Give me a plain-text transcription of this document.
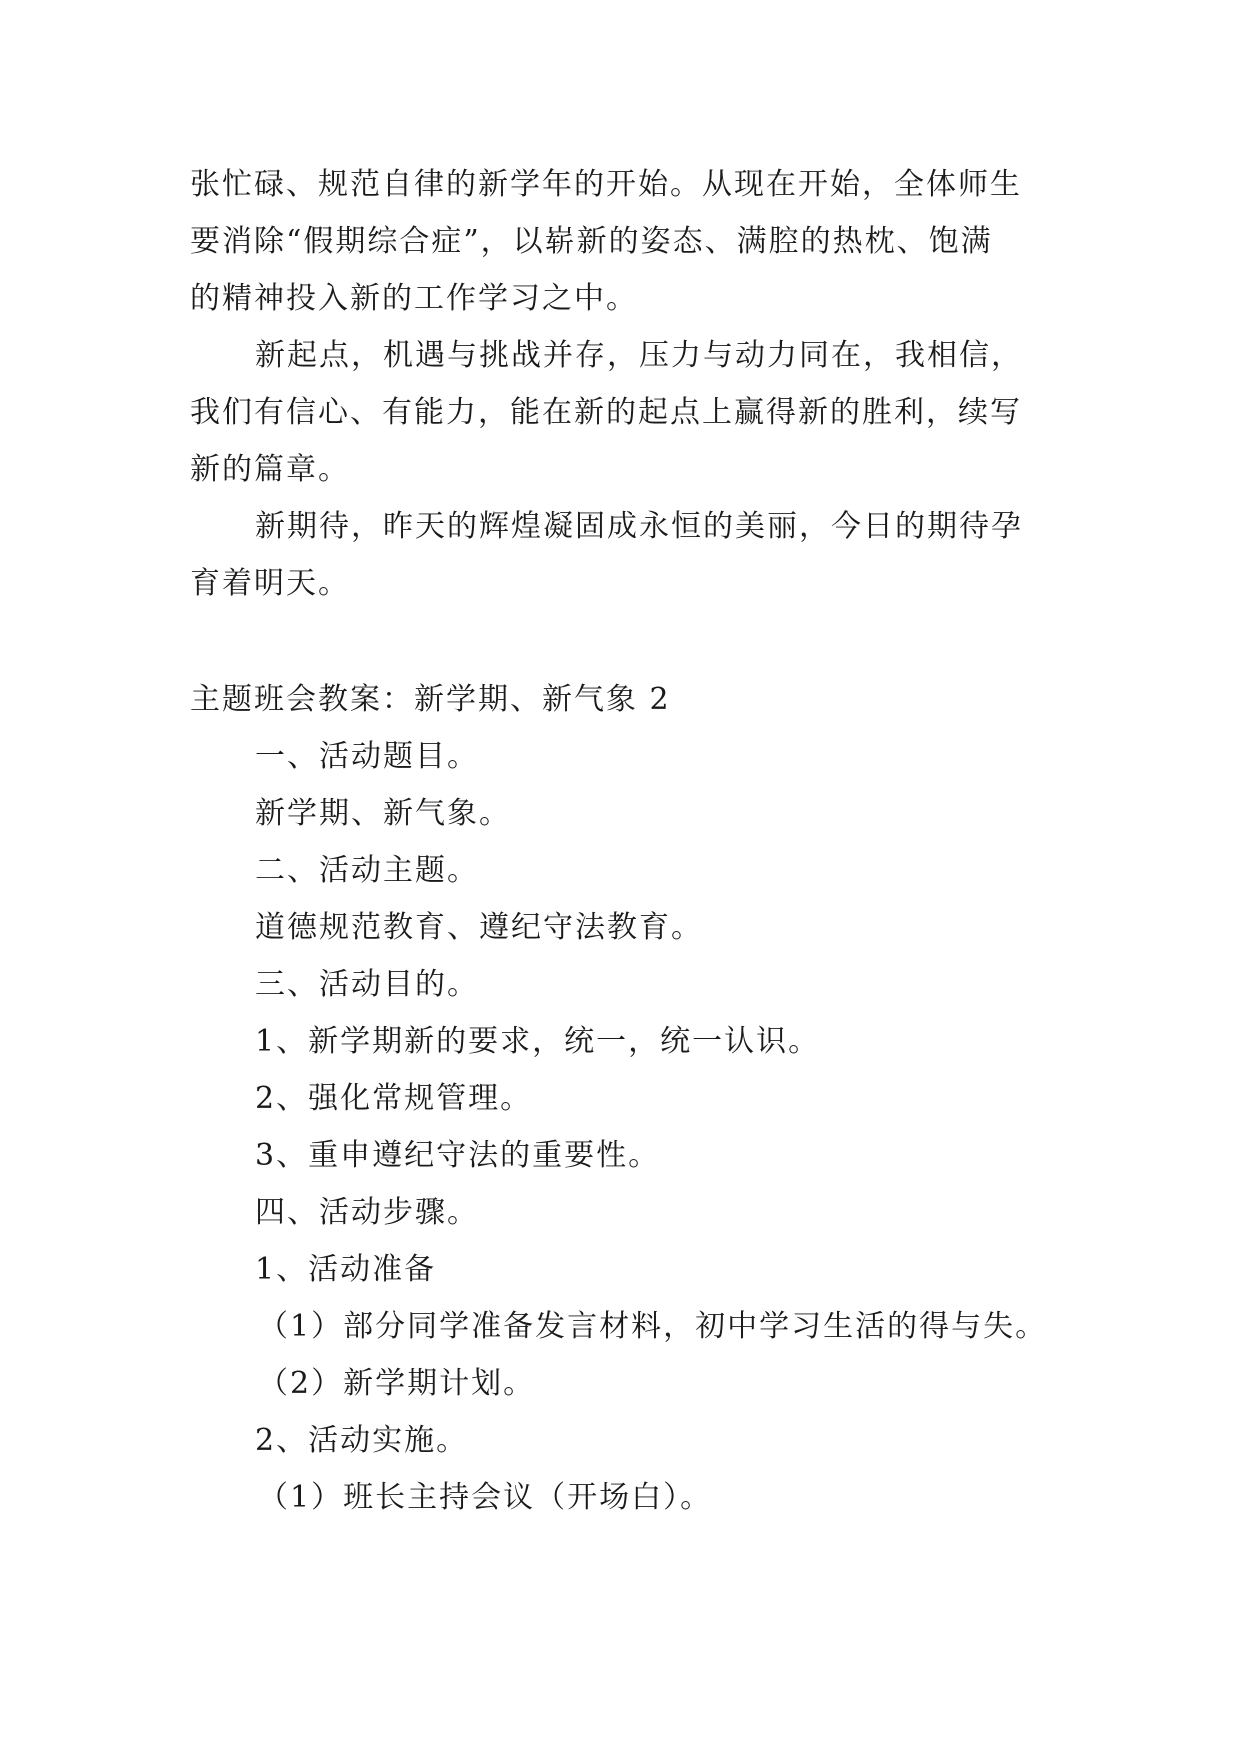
张忙碌、规范自律的新学年的开始。从现在开始，全体师生
要消除“假期综合症”，以崭新的姿态、满腔的热枕、饱满
的精神投入新的工作学习之中。
新起点，机遇与挑战并存，压力与动力同在，我相信，
我们有信心、有能力，能在新的起点上赢得新的胜利，续写
新的篇章。
新期待，昨天的辉煌凝固成永恒的美丽，今日的期待孕
育着明天。
主题班会教案：新学期、新气象 2
一、活动题目。
新学期、新气象。
二、活动主题。
道德规范教育、遵纪守法教育。
三、活动目的。
1、新学期新的要求，统一，统一认识。
2、强化常规管理。
3、重申遵纪守法的重要性。
四、活动步骤。
1、活动准备
（1）部分同学准备发言材料，初中学习生活的得与失。
（2）新学期计划。
2、活动实施。
（1）班长主持会议（开场白）。
